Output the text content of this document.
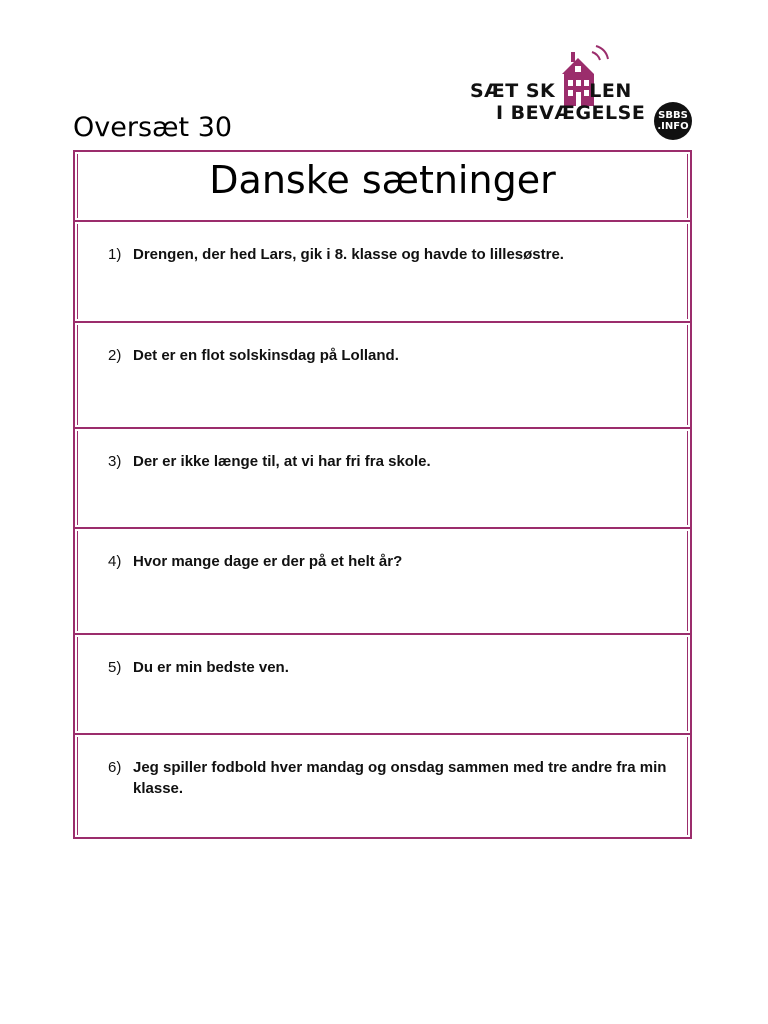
Oversæt 30
SÆT SK LEN
I BEVÆGELSE SBBS
.INFO
Danske sætninger
1) Drengen, der hed Lars, gik i 8. klasse og havde to lillesøstre.
2) Det er en flot solskinsdag på Lolland.
3) Der er ikke længe til, at vi har fri fra skole.
4) Hvor mange dage er der på et helt år?
5) Du er min bedste ven.
6) Jeg spiller fodbold hver mandag og onsdag sammen med tre andre fra min klasse.
